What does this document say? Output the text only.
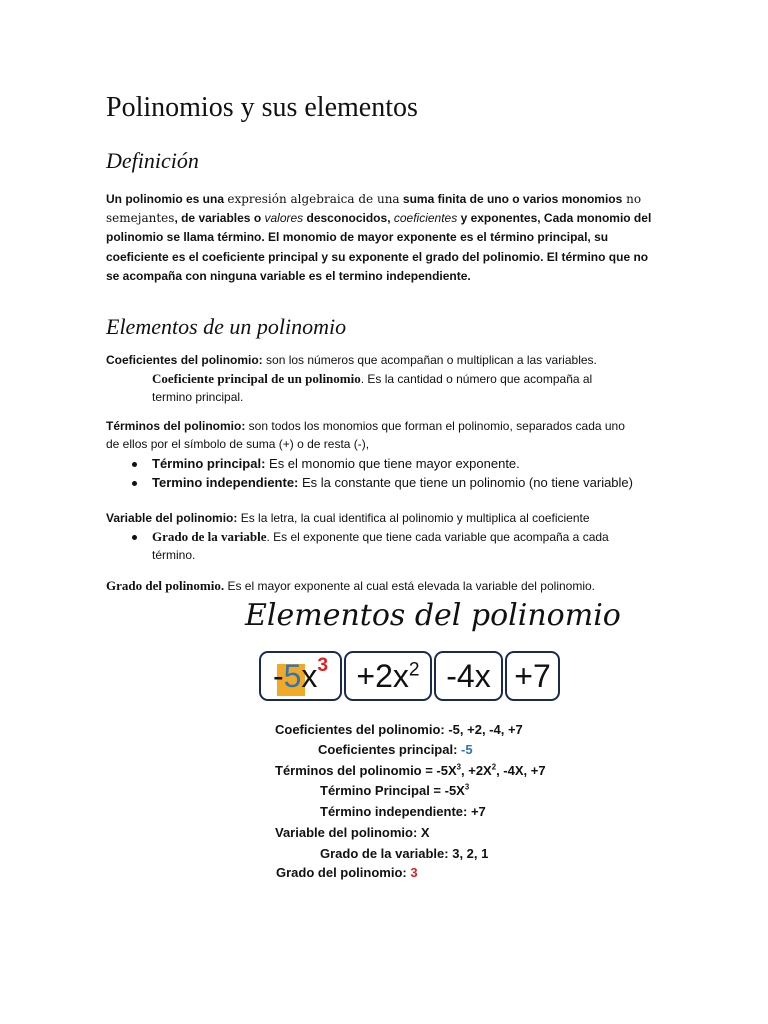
Polinomios y sus elementos
Definición
Un polinomio es una expresión algebraica de una suma finita de uno o varios monomios no semejantes, de variables o valores desconocidos, coeficientes y exponentes, Cada monomio del polinomio se llama término. El monomio de mayor exponente es el término principal, su coeficiente es el coeficiente principal y su exponente el grado del polinomio. El término que no se acompaña con ninguna variable es el termino independiente.
Elementos de un polinomio
Coeficientes del polinomio: son los números que acompañan o multiplican a las variables.
Coeficiente principal de un polinomio. Es la cantidad o número que acompaña al
termino principal.
Términos del polinomio: son todos los monomios que forman el polinomio, separados cada uno
de ellos por el símbolo de suma (+) o de resta (-),
Término principal: Es el monomio que tiene mayor exponente.
Termino independiente: Es la constante que tiene un polinomio (no tiene variable)
Variable del polinomio: Es la letra, la cual identifica al polinomio y multiplica al coeficiente
Grado de la variable. Es el exponente que tiene cada variable que acompaña a cada
término.
Grado del polinomio. Es el mayor exponente al cual está elevada la variable del polinomio.
Elementos del polinomio
$-5x^3 +2x^2$ -4x +7
Coeficientes del polinomio: -5, +2, -4, +7
Coeficientes principal: -5
Términos del polinomio = $-5X^3$, $+2X^2$, -4X, +7
Término Principal = $-5X^3$
Término independiente: +7
Variable del polinomio: X
Grado de la variable: 3, 2, 1
Grado del polinomio: 3
